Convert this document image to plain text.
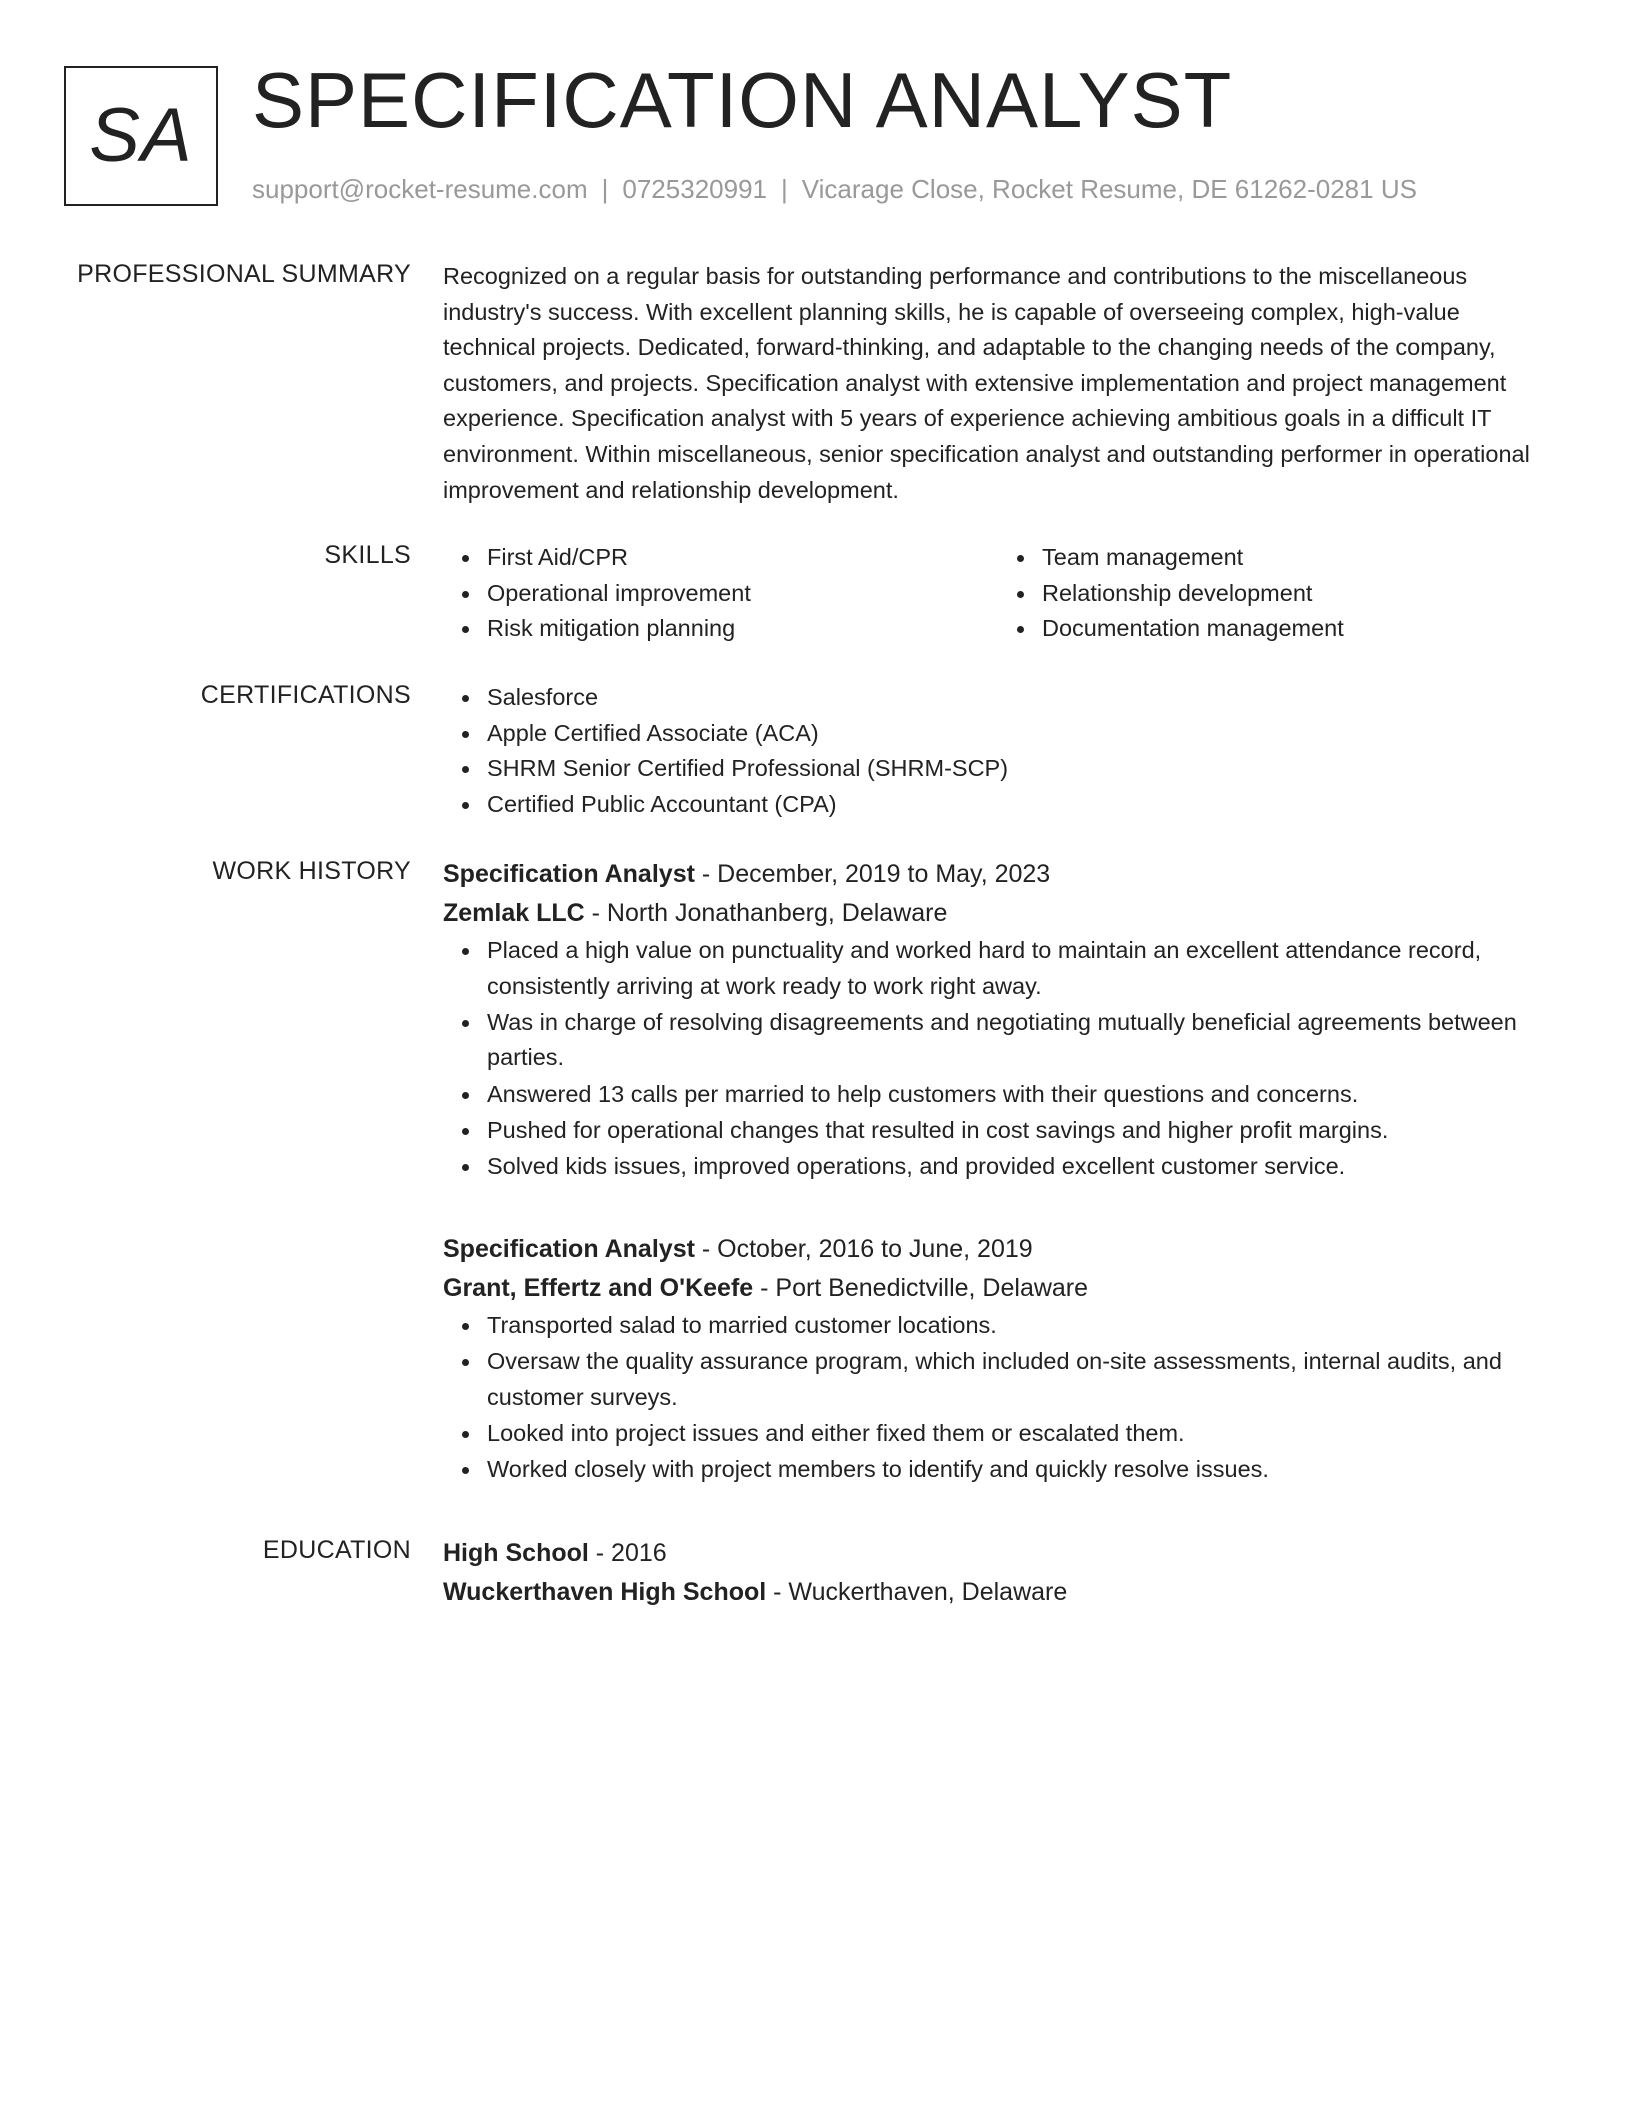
SA SPECIFICATION ANALYST
support@rocket-resume.com | 0725320991 | Vicarage Close, Rocket Resume, DE 61262-0281 US
PROFESSIONAL SUMMARY Recognized on a regular basis for outstanding performance and contributions to the miscellaneous industry's success. With excellent planning skills, he is capable of overseeing complex, high-value technical projects. Dedicated, forward-thinking, and adaptable to the changing needs of the company, customers, and projects. Specification analyst with extensive implementation and project management experience. Specification analyst with 5 years of experience achieving ambitious goals in a difficult IT environment. Within miscellaneous, senior specification analyst and outstanding performer in operational improvement and relationship development.

SKILLS	First Aid/CPR
Operational improvement
Risk mitigation planning
Team management
Relationship development
Documentation management
CERTIFICATIONS	Salesforce
Apple Certified Associate (ACA)
SHRM Senior Certified Professional (SHRM-SCP)
Certified Public Accountant (CPA)
WORK HISTORY Specification Analyst - December, 2019 to May, 2023
Zemlak LLC - North Jonathanberg, Delaware
Placed a high value on punctuality and worked hard to maintain an excellent attendance record, consistently arriving at work ready to work right away.
Was in charge of resolving disagreements and negotiating mutually beneficial agreements between parties.
Answered 13 calls per married to help customers with their questions and concerns.
Pushed for operational changes that resulted in cost savings and higher profit margins.
Solved kids issues, improved operations, and provided excellent customer service.
Specification Analyst - October, 2016 to June, 2019
Grant, Effertz and O'Keefe - Port Benedictville, Delaware
Transported salad to married customer locations.
Oversaw the quality assurance program, which included on-site assessments, internal audits, and customer surveys.
Looked into project issues and either fixed them or escalated them.
Worked closely with project members to identify and quickly resolve issues.
EDUCATION High School - 2016
Wuckerthaven High School - Wuckerthaven, Delaware
